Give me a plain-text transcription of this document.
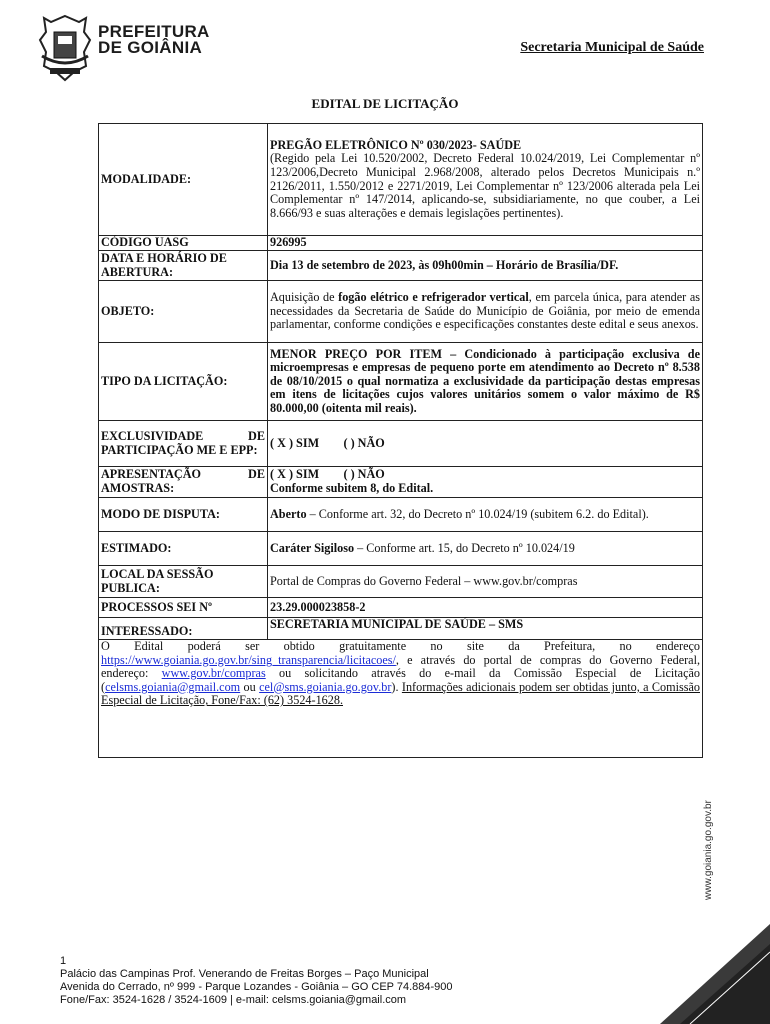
PREFEITURA
DE GOIÂNIA	Secretaria Municipal de Saúde
EDITAL DE LICITAÇÃO
MODALIDADE:	PREGÃO ELETRÔNICO Nº 030/2023- SAÚDE
(Regido pela Lei 10.520/2002, Decreto Federal 10.024/2019, Lei Complementar nº 123/2006,Decreto Municipal 2.968/2008, alterado pelos Decretos Municipais n.º 2126/2011, 1.550/2012 e 2271/2019, Lei Complementar nº 123/2006 alterada pela Lei Complementar nº 147/2014, aplicando-se, subsidiariamente, no que couber, a Lei 8.666/93 e suas alterações e demais legislações pertinentes).
CÓDIGO UASG	926995
DATA E HORÁRIO DE ABERTURA:	Dia 13 de setembro de 2023, às 09h00min – Horário de Brasília/DF.
OBJETO:	Aquisição de fogão elétrico e refrigerador vertical, em parcela única, para atender as necessidades da Secretaria de Saúde do Município de Goiânia, por meio de emenda parlamentar, conforme condições e especificações constantes deste edital e seus anexos.
TIPO DA LICITAÇÃO:	MENOR PREÇO POR ITEM – Condicionado à participação exclusiva de microempresas e empresas de pequeno porte em atendimento ao Decreto nº 8.538 de 08/10/2015 o qual normatiza a exclusividade da participação destas empresas em itens de licitações cujos valores unitários somem o valor máximo de R$ 80.000,00 (oitenta mil reais).
EXCLUSIVIDADE DE PARTICIPAÇÃO ME E EPP:	( X ) SIM ( ) NÃO
APRESENTAÇÃO DE AMOSTRAS:	( X ) SIM ( ) NÃO
Conforme subitem 8, do Edital.
MODO DE DISPUTA:	Aberto – Conforme art. 32, do Decreto nº 10.024/19 (subitem 6.2. do Edital).
ESTIMADO:	Caráter Sigiloso – Conforme art. 15, do Decreto nº 10.024/19
LOCAL DA SESSÃO PUBLICA:	Portal de Compras do Governo Federal – www.gov.br/compras
PROCESSOS SEI Nº	23.29.000023858-2
INTERESSADO:	SECRETARIA MUNICIPAL DE SAÚDE – SMS
O Edital poderá ser obtido gratuitamente no site da Prefeitura, no endereço https://www.goiania.go.gov.br/sing_transparencia/licitacoes/, e através do portal de compras do Governo Federal, endereço: www.gov.br/compras ou solicitando através do e-mail da Comissão Especial de Licitação (celsms.goiania@gmail.com ou cel@sms.goiania.go.gov.br). Informações adicionais podem ser obtidas junto, a Comissão Especial de Licitação, Fone/Fax: (62) 3524-1628.	
www.goiania.go.gov.br
1
Palácio das Campinas Prof. Venerando de Freitas Borges – Paço Municipal
Avenida do Cerrado, nº 999 - Parque Lozandes - Goiânia – GO CEP 74.884-900
Fone/Fax: 3524-1628 / 3524-1609 | e-mail: celsms.goiania@gmail.com
